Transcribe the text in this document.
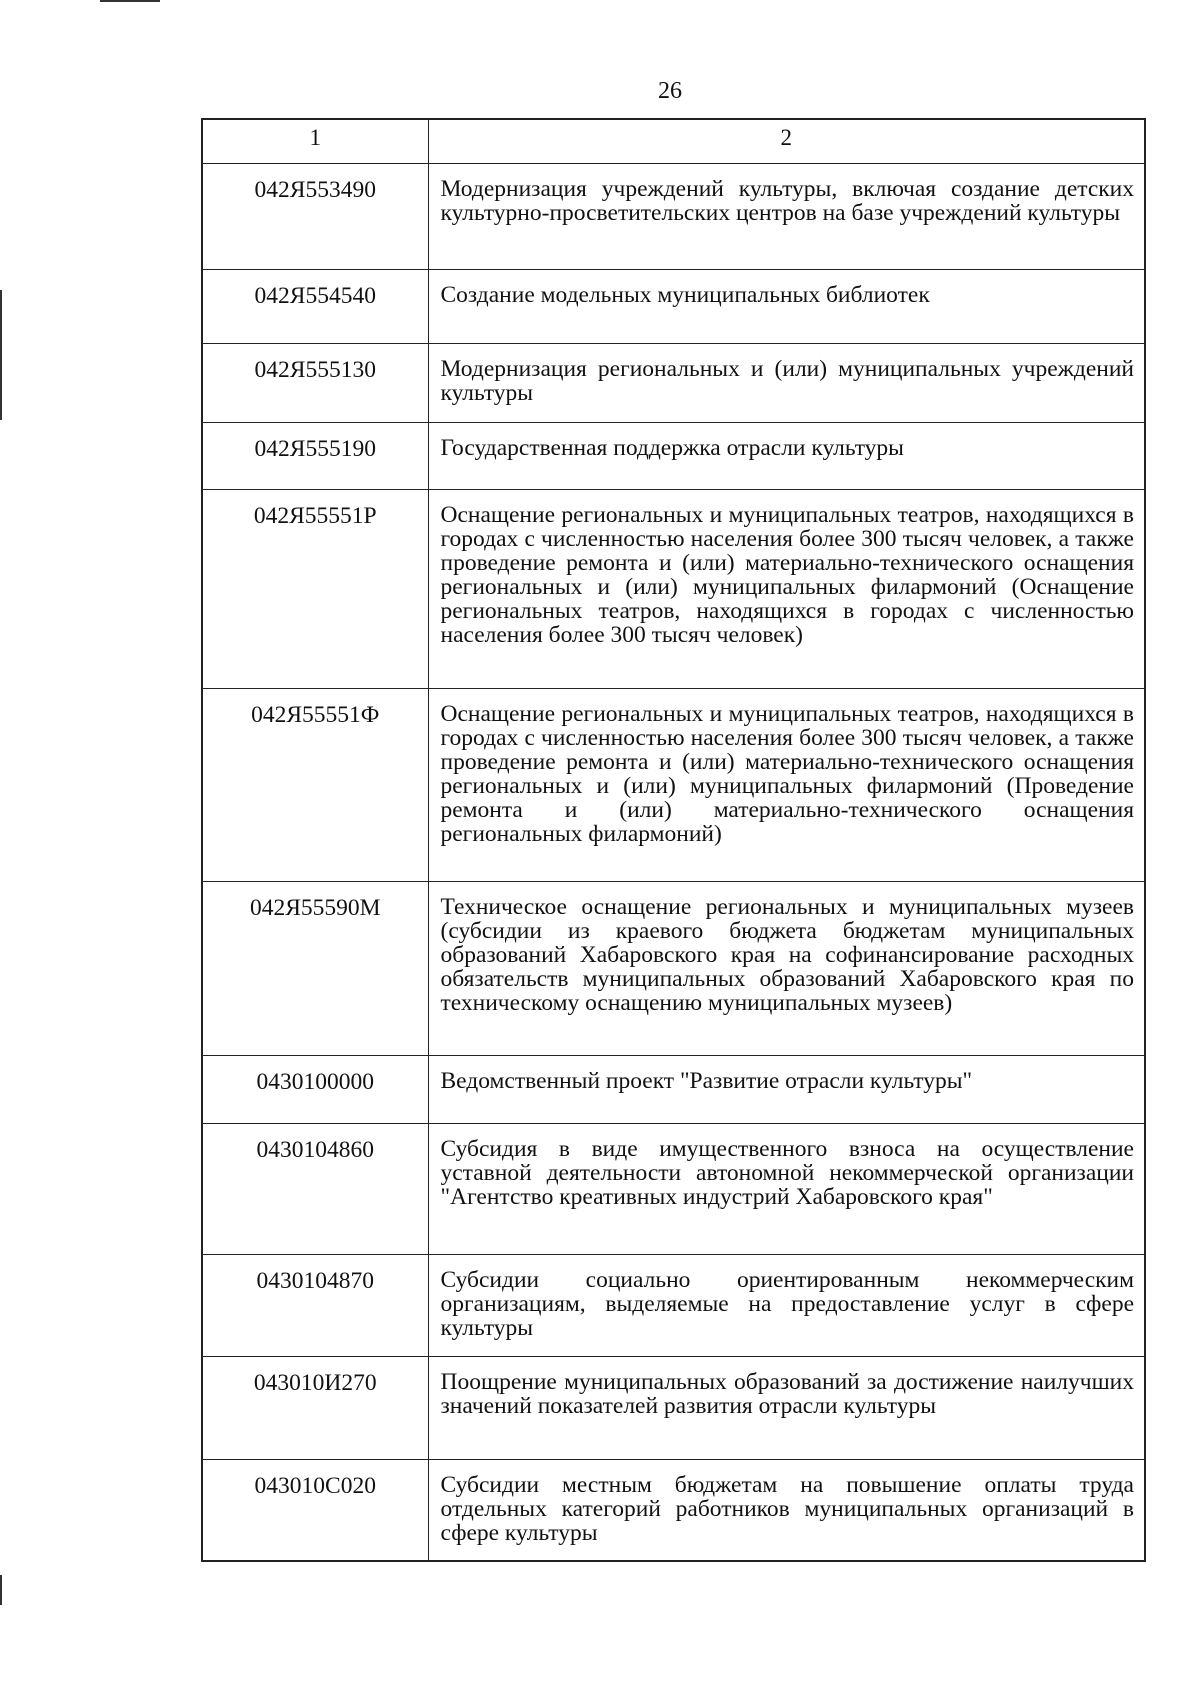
26
1	2
042Я553490	Модернизация учреждений культуры, включая создание детских культурно-просветительских центров на базе учреждений культуры
042Я554540	Создание модельных муниципальных библиотек
042Я555130	Модернизация региональных и (или) муниципальных учреждений культуры
042Я555190	Государственная поддержка отрасли культуры
042Я55551Р	Оснащение региональных и муниципальных театров, находящихся в городах с численностью населения более 300 тысяч человек, а также проведение ремонта и (или) материально-технического оснащения региональных и (или) муниципальных филармоний (Оснащение региональных театров, находящихся в городах с численностью населения более 300 тысяч человек)
042Я55551Ф	Оснащение региональных и муниципальных театров, находящихся в городах с численностью населения более 300 тысяч человек, а также проведение ремонта и (или) материально-технического оснащения региональных и (или) муниципальных филармоний (Проведение ремонта и (или) материально-технического оснащения региональных филармоний)
042Я55590М	Техническое оснащение региональных и муниципальных музеев (субсидии из краевого бюджета бюджетам муниципальных образований Хабаровского края на софинансирование расходных обязательств муниципальных образований Хабаровского края по техническому оснащению муниципальных музеев)
0430100000	Ведомственный проект "Развитие отрасли культуры"
0430104860	Субсидия в виде имущественного взноса на осуществление уставной деятельности автономной некоммерческой организации "Агентство креативных индустрий Хабаровского края"
0430104870	Субсидии социально ориентированным некоммерческим организациям, выделяемые на предоставление услуг в сфере культуры
043010И270	Поощрение муниципальных образований за достижение наилучших значений показателей развития отрасли культуры
043010С020	Субсидии местным бюджетам на повышение оплаты труда отдельных категорий работников муниципальных организаций в сфере культуры
